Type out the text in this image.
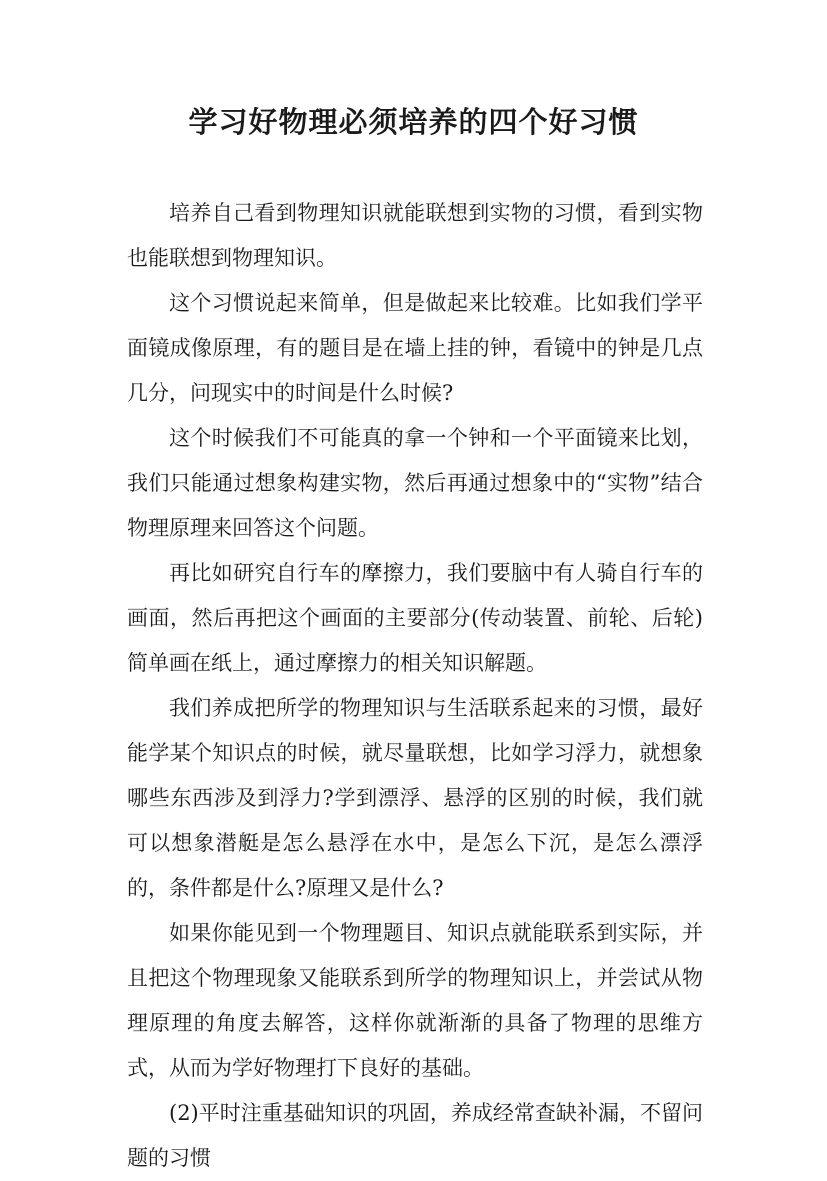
学习好物理必须培养的四个好习惯

培养自己看到物理知识就能联想到实物的习惯，看到实物也能联想到物理知识。

这个习惯说起来简单，但是做起来比较难。比如我们学平面镜成像原理，有的题目是在墙上挂的钟，看镜中的钟是几点几分，问现实中的时间是什么时候?

这个时候我们不可能真的拿一个钟和一个平面镜来比划，我们只能通过想象构建实物，然后再通过想象中的“实物”结合物理原理来回答这个问题。

再比如研究自行车的摩擦力，我们要脑中有人骑自行车的画面，然后再把这个画面的主要部分(传动装置、前轮、后轮)简单画在纸上，通过摩擦力的相关知识解题。

我们养成把所学的物理知识与生活联系起来的习惯，最好能学某个知识点的时候，就尽量联想，比如学习浮力，就想象哪些东西涉及到浮力?学到漂浮、悬浮的区别的时候，我们就可以想象潜艇是怎么悬浮在水中，是怎么下沉，是怎么漂浮的，条件都是什么?原理又是什么?

如果你能见到一个物理题目、知识点就能联系到实际，并且把这个物理现象又能联系到所学的物理知识上，并尝试从物理原理的角度去解答，这样你就渐渐的具备了物理的思维方式，从而为学好物理打下良好的基础。

(2)平时注重基础知识的巩固，养成经常查缺补漏，不留问题的习惯
